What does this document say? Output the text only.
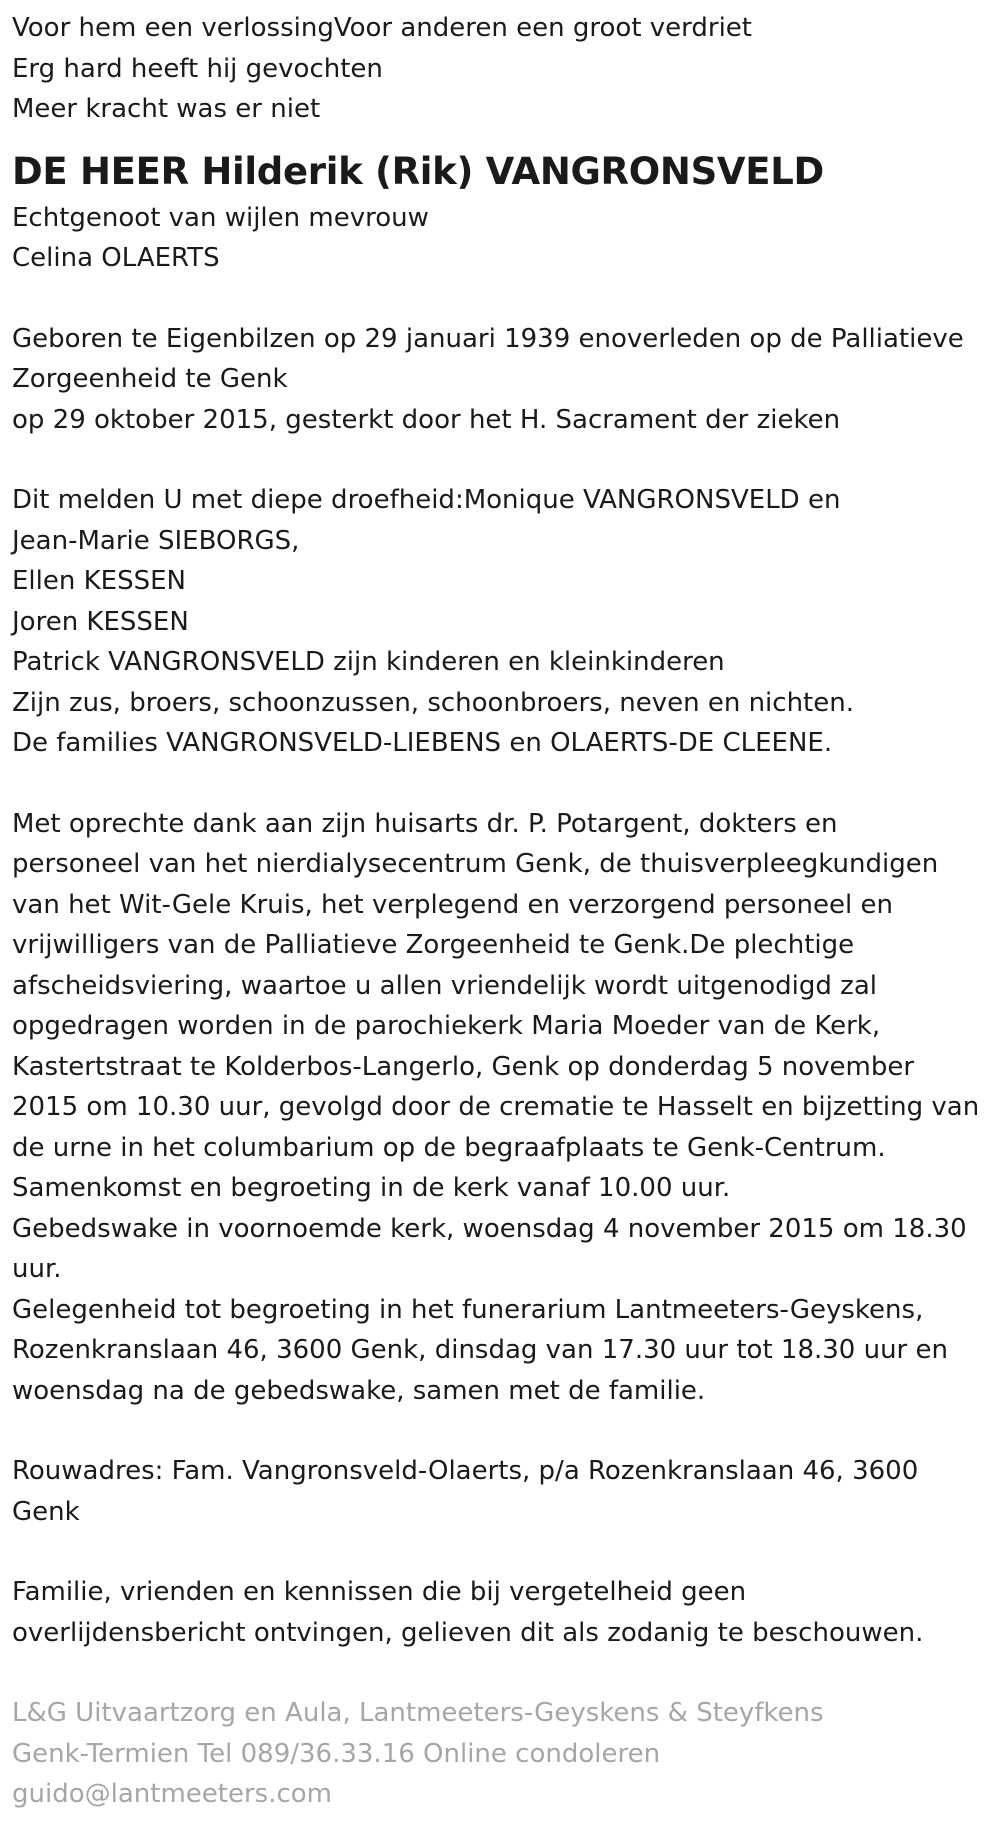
Voor hem een verlossingVoor anderen een groot verdriet

Erg hard heeft hij gevochten

Meer kracht was er niet

DE HEER Hilderik (Rik) VANGRONSVELD

Echtgenoot van wijlen mevrouw

Celina OLAERTS

Geboren te Eigenbilzen op 29 januari 1939 enoverleden op de Palliatieve

Zorgeenheid te Genk

op 29 oktober 2015, gesterkt door het H. Sacrament der zieken

Dit melden U met diepe droefheid:Monique VANGRONSVELD en

Jean-Marie SIEBORGS,

Ellen KESSEN

Joren KESSEN

Patrick VANGRONSVELD zijn kinderen en kleinkinderen

Zijn zus, broers, schoonzussen, schoonbroers, neven en nichten.

De families VANGRONSVELD-LIEBENS en OLAERTS-DE CLEENE.

Met oprechte dank aan zijn huisarts dr. P. Potargent, dokters en

personeel van het nierdialysecentrum Genk, de thuisverpleegkundigen

van het Wit-Gele Kruis, het verplegend en verzorgend personeel en

vrijwilligers van de Palliatieve Zorgeenheid te Genk.De plechtige

afscheidsviering, waartoe u allen vriendelijk wordt uitgenodigd zal

opgedragen worden in de parochiekerk Maria Moeder van de Kerk,

Kastertstraat te Kolderbos-Langerlo, Genk op donderdag 5 november

2015 om 10.30 uur, gevolgd door de crematie te Hasselt en bijzetting van

de urne in het columbarium op de begraafplaats te Genk-Centrum.

Samenkomst en begroeting in de kerk vanaf 10.00 uur.

Gebedswake in voornoemde kerk, woensdag 4 november 2015 om 18.30

uur.

Gelegenheid tot begroeting in het funerarium Lantmeeters-Geyskens,

Rozenkranslaan 46, 3600 Genk, dinsdag van 17.30 uur tot 18.30 uur en

woensdag na de gebedswake, samen met de familie.

Rouwadres: Fam. Vangronsveld-Olaerts, p/a Rozenkranslaan 46, 3600

Genk

Familie, vrienden en kennissen die bij vergetelheid geen

overlijdensbericht ontvingen, gelieven dit als zodanig te beschouwen.

L&G Uitvaartzorg en Aula, Lantmeeters-Geyskens & Steyfkens

Genk-Termien Tel 089/36.33.16 Online condoleren

guido@lantmeeters.com
